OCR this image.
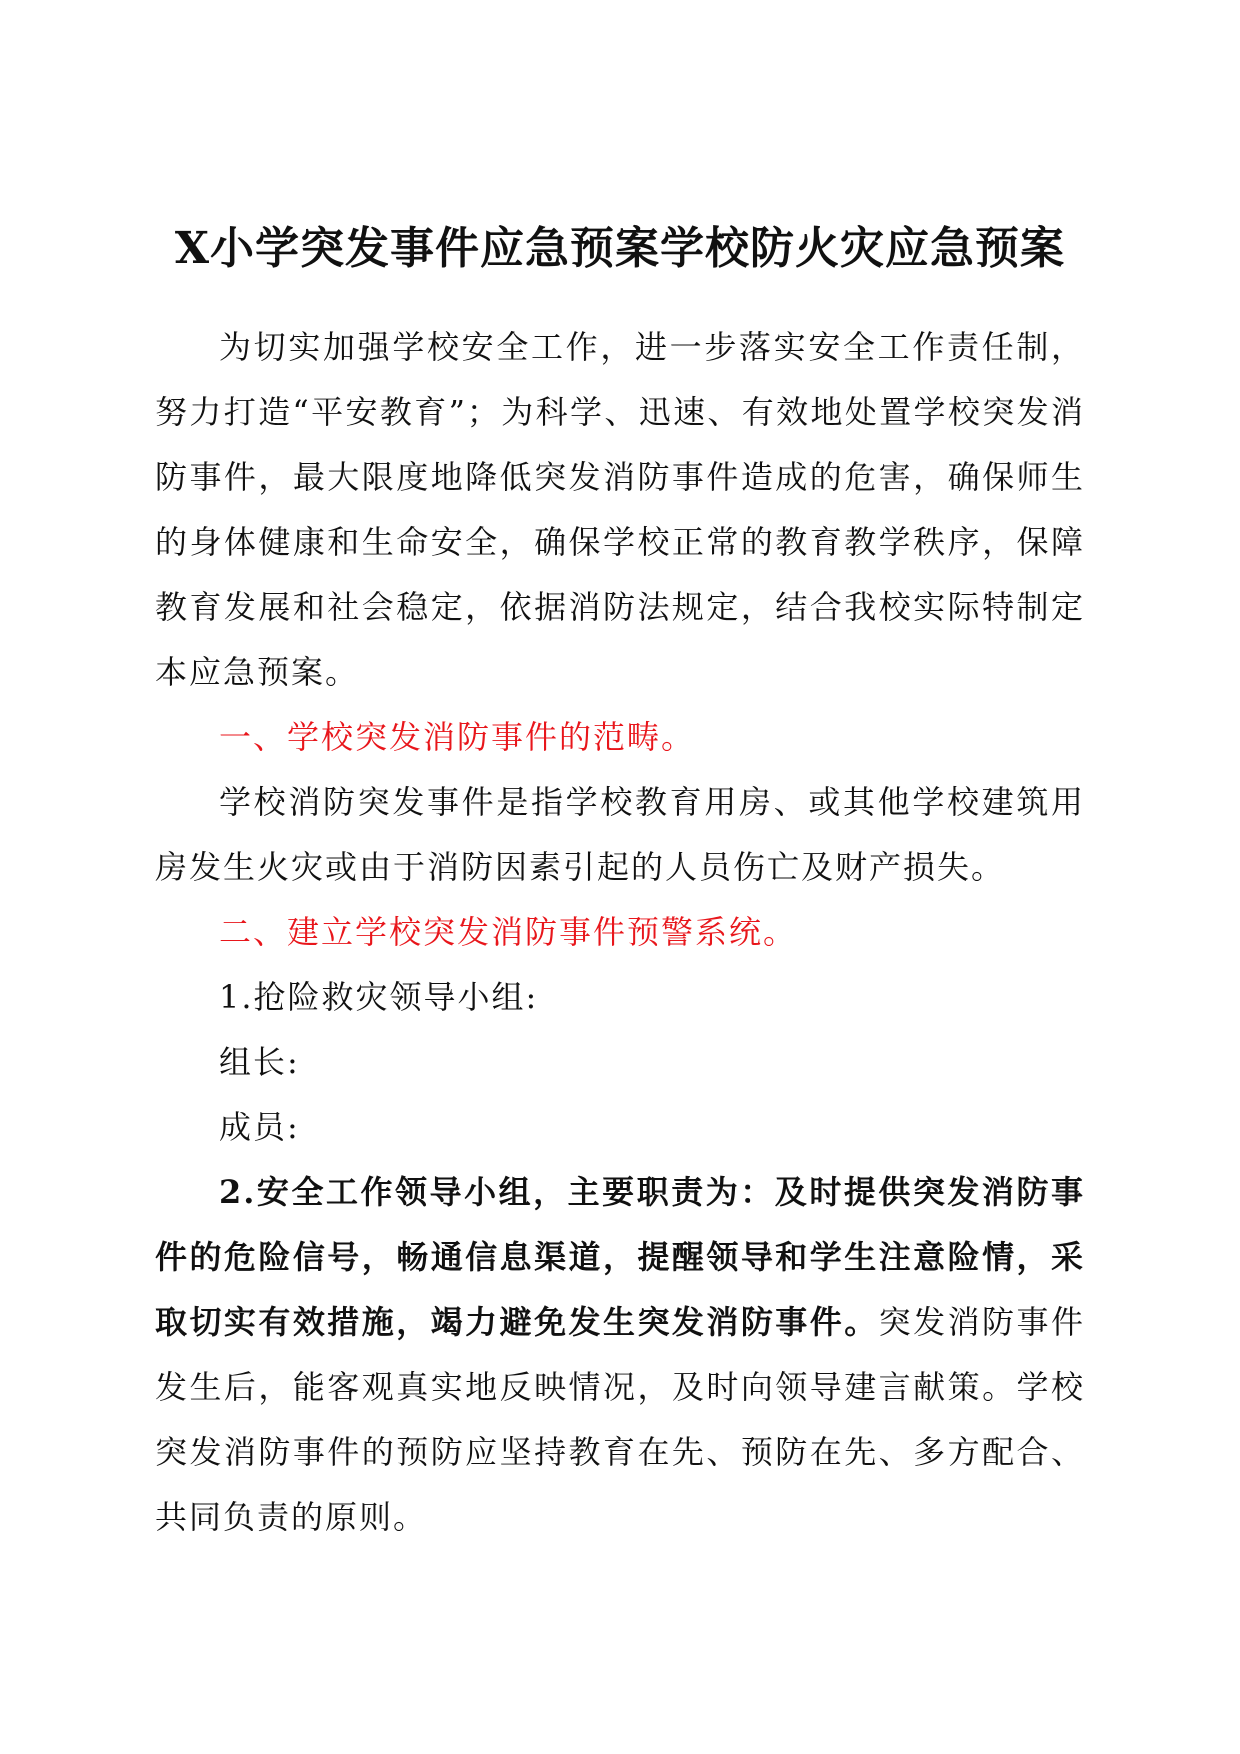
X小学突发事件应急预案学校防火灾应急预案

为切实加强学校安全工作，进一步落实安全工作责任制，努力打造“平安教育”；为科学、迅速、有效地处置学校突发消防事件，最大限度地降低突发消防事件造成的危害，确保师生的身体健康和生命安全，确保学校正常的教育教学秩序，保障教育发展和社会稳定，依据消防法规定，结合我校实际特制定本应急预案。

一、学校突发消防事件的范畴。

学校消防突发事件是指学校教育用房、或其他学校建筑用房发生火灾或由于消防因素引起的人员伤亡及财产损失。

二、建立学校突发消防事件预警系统。

1.抢险救灾领导小组:

组长:

成员:

2.安全工作领导小组，主要职责为：及时提供突发消防事件的危险信号，畅通信息渠道，提醒领导和学生注意险情，采取切实有效措施，竭力避免发生突发消防事件。突发消防事件发生后，能客观真实地反映情况，及时向领导建言献策。学校突发消防事件的预防应坚持教育在先、预防在先、多方配合、共同负责的原则。
